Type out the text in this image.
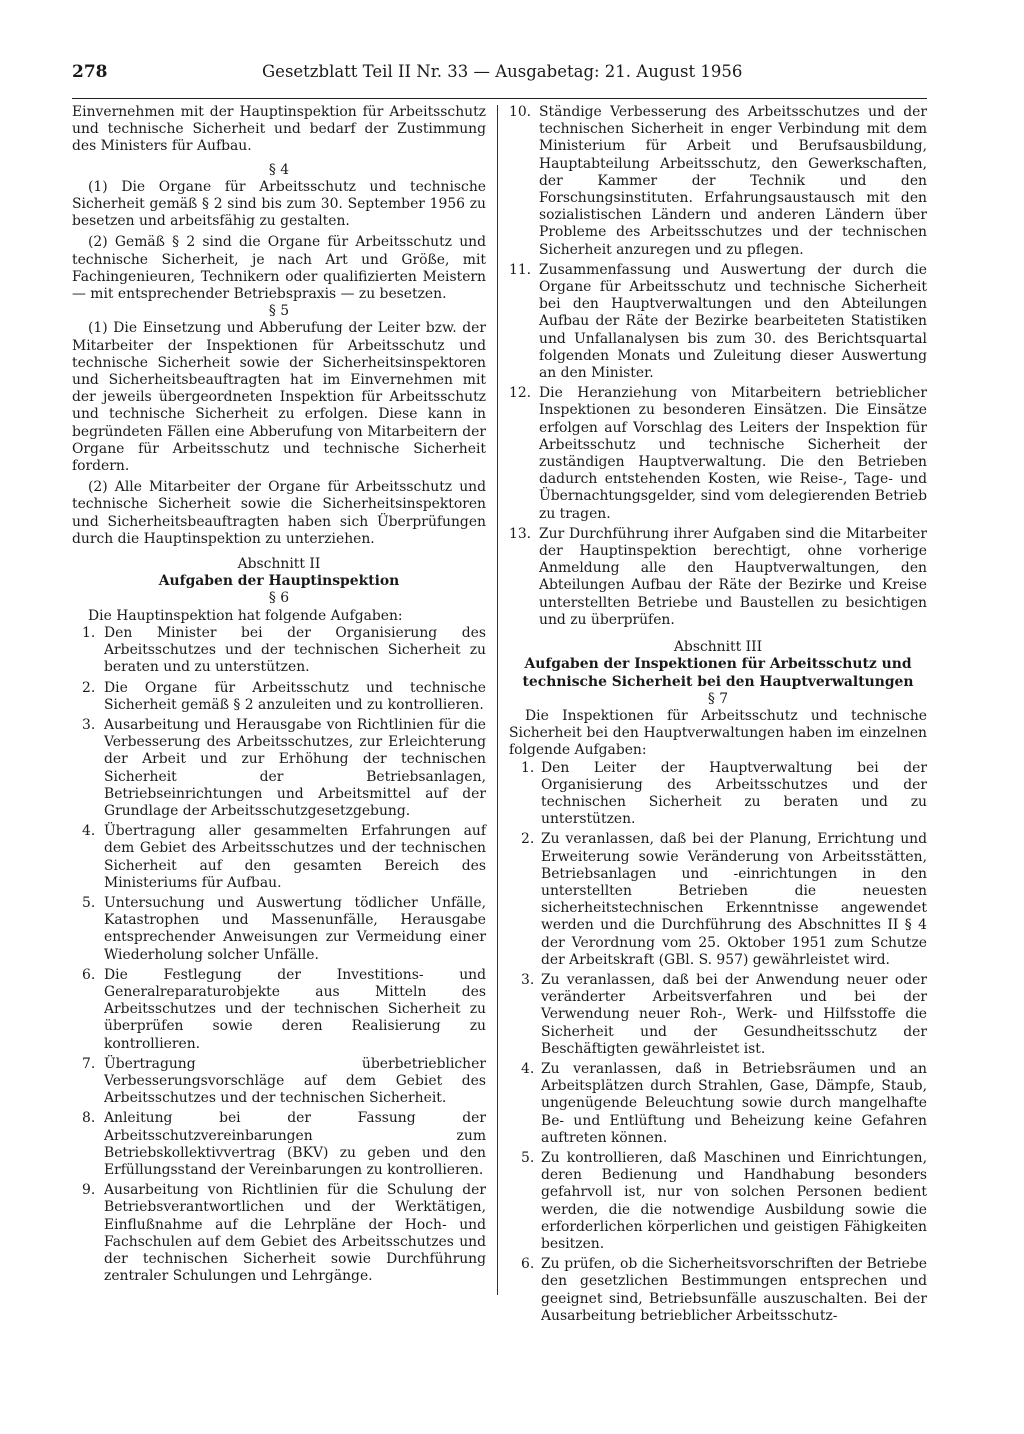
278	Gesetzblatt Teil II Nr. 33 — Ausgabetag: 21. August 1956

Einvernehmen mit der Hauptinspektion für Arbeitsschutz und technische Sicherheit und bedarf der Zustimmung des Ministers für Aufbau.

§ 4

(1) Die Organe für Arbeitsschutz und technische Sicherheit gemäß § 2 sind bis zum 30. September 1956 zu besetzen und arbeitsfähig zu gestalten.

(2) Gemäß § 2 sind die Organe für Arbeitsschutz und technische Sicherheit, je nach Art und Größe, mit Fachingenieuren, Technikern oder qualifizierten Meistern — mit entsprechender Betriebspraxis — zu besetzen.

§ 5

(1) Die Einsetzung und Abberufung der Leiter bzw. der Mitarbeiter der Inspektionen für Arbeitsschutz und technische Sicherheit sowie der Sicherheitsinspektoren und Sicherheitsbeauftragten hat im Einvernehmen mit der jeweils übergeordneten Inspektion für Arbeitsschutz und technische Sicherheit zu erfolgen. Diese kann in begründeten Fällen eine Abberufung von Mitarbeitern der Organe für Arbeitsschutz und technische Sicherheit fordern.

(2) Alle Mitarbeiter der Organe für Arbeitsschutz und technische Sicherheit sowie die Sicherheitsinspektoren und Sicherheitsbeauftragten haben sich Überprüfungen durch die Hauptinspektion zu unterziehen.

Abschnitt II

Aufgaben der Hauptinspektion

§ 6

Die Hauptinspektion hat folgende Aufgaben:

1. Den Minister bei der Organisierung des Arbeitsschutzes und der technischen Sicherheit zu beraten und zu unterstützen.
2. Die Organe für Arbeitsschutz und technische Sicherheit gemäß § 2 anzuleiten und zu kontrollieren.
3. Ausarbeitung und Herausgabe von Richtlinien für die Verbesserung des Arbeitsschutzes, zur Erleichterung der Arbeit und zur Erhöhung der technischen Sicherheit der Betriebsanlagen, Betriebseinrichtungen und Arbeitsmittel auf der Grundlage der Arbeitsschutzgesetzgebung.
4. Übertragung aller gesammelten Erfahrungen auf dem Gebiet des Arbeitsschutzes und der technischen Sicherheit auf den gesamten Bereich des Ministeriums für Aufbau.
5. Untersuchung und Auswertung tödlicher Unfälle, Katastrophen und Massenunfälle, Herausgabe entsprechender Anweisungen zur Vermeidung einer Wiederholung solcher Unfälle.
6. Die Festlegung der Investitions- und Generalreparaturobjekte aus Mitteln des Arbeitsschutzes und der technischen Sicherheit zu überprüfen sowie deren Realisierung zu kontrollieren.
7. Übertragung überbetrieblicher Verbesserungsvorschläge auf dem Gebiet des Arbeitsschutzes und der technischen Sicherheit.
8. Anleitung bei der Fassung der Arbeitsschutzvereinbarungen zum Betriebskollektivvertrag (BKV) zu geben und den Erfüllungsstand der Vereinbarungen zu kontrollieren.
9. Ausarbeitung von Richtlinien für die Schulung der Betriebsverantwortlichen und der Werktätigen, Einflußnahme auf die Lehrpläne der Hoch- und Fachschulen auf dem Gebiet des Arbeitsschutzes und der technischen Sicherheit sowie Durchführung zentraler Schulungen und Lehrgänge.
10. Ständige Verbesserung des Arbeitsschutzes und der technischen Sicherheit in enger Verbindung mit dem Ministerium für Arbeit und Berufsausbildung, Hauptabteilung Arbeitsschutz, den Gewerkschaften, der Kammer der Technik und den Forschungsinstituten. Erfahrungsaustausch mit den sozialistischen Ländern und anderen Ländern über Probleme des Arbeitsschutzes und der technischen Sicherheit anzuregen und zu pflegen.
11. Zusammenfassung und Auswertung der durch die Organe für Arbeitsschutz und technische Sicherheit bei den Hauptverwaltungen und den Abteilungen Aufbau der Räte der Bezirke bearbeiteten Statistiken und Unfallanalysen bis zum 30. des Berichtsquartal folgenden Monats und Zuleitung dieser Auswertung an den Minister.
12. Die Heranziehung von Mitarbeitern betrieblicher Inspektionen zu besonderen Einsätzen. Die Einsätze erfolgen auf Vorschlag des Leiters der Inspektion für Arbeitsschutz und technische Sicherheit der zuständigen Hauptverwaltung. Die den Betrieben dadurch entstehenden Kosten, wie Reise-, Tage- und Übernachtungsgelder, sind vom delegierenden Betrieb zu tragen.
13. Zur Durchführung ihrer Aufgaben sind die Mitarbeiter der Hauptinspektion berechtigt, ohne vorherige Anmeldung alle den Hauptverwaltungen, den Abteilungen Aufbau der Räte der Bezirke und Kreise unterstellten Betriebe und Baustellen zu besichtigen und zu überprüfen.

Abschnitt III

Aufgaben der Inspektionen für Arbeitsschutz und technische Sicherheit bei den Hauptverwaltungen

§ 7

Die Inspektionen für Arbeitsschutz und technische Sicherheit bei den Hauptverwaltungen haben im einzelnen folgende Aufgaben:

1. Den Leiter der Hauptverwaltung bei der Organisierung des Arbeitsschutzes und der technischen Sicherheit zu beraten und zu unterstützen.
2. Zu veranlassen, daß bei der Planung, Errichtung und Erweiterung sowie Veränderung von Arbeitsstätten, Betriebsanlagen und -einrichtungen in den unterstellten Betrieben die neuesten sicherheitstechnischen Erkenntnisse angewendet werden und die Durchführung des Abschnittes II § 4 der Verordnung vom 25. Oktober 1951 zum Schutze der Arbeitskraft (GBl. S. 957) gewährleistet wird.
3. Zu veranlassen, daß bei der Anwendung neuer oder veränderter Arbeitsverfahren und bei der Verwendung neuer Roh-, Werk- und Hilfsstoffe die Sicherheit und der Gesundheitsschutz der Beschäftigten gewährleistet ist.
4. Zu veranlassen, daß in Betriebsräumen und an Arbeitsplätzen durch Strahlen, Gase, Dämpfe, Staub, ungenügende Beleuchtung sowie durch mangelhafte Be- und Entlüftung und Beheizung keine Gefahren auftreten können.
5. Zu kontrollieren, daß Maschinen und Einrichtungen, deren Bedienung und Handhabung besonders gefahrvoll ist, nur von solchen Personen bedient werden, die die notwendige Ausbildung sowie die erforderlichen körperlichen und geistigen Fähigkeiten besitzen.
6. Zu prüfen, ob die Sicherheitsvorschriften der Betriebe den gesetzlichen Bestimmungen entsprechen und geeignet sind, Betriebsunfälle auszuschalten. Bei der Ausarbeitung betrieblicher Arbeitsschutz-
